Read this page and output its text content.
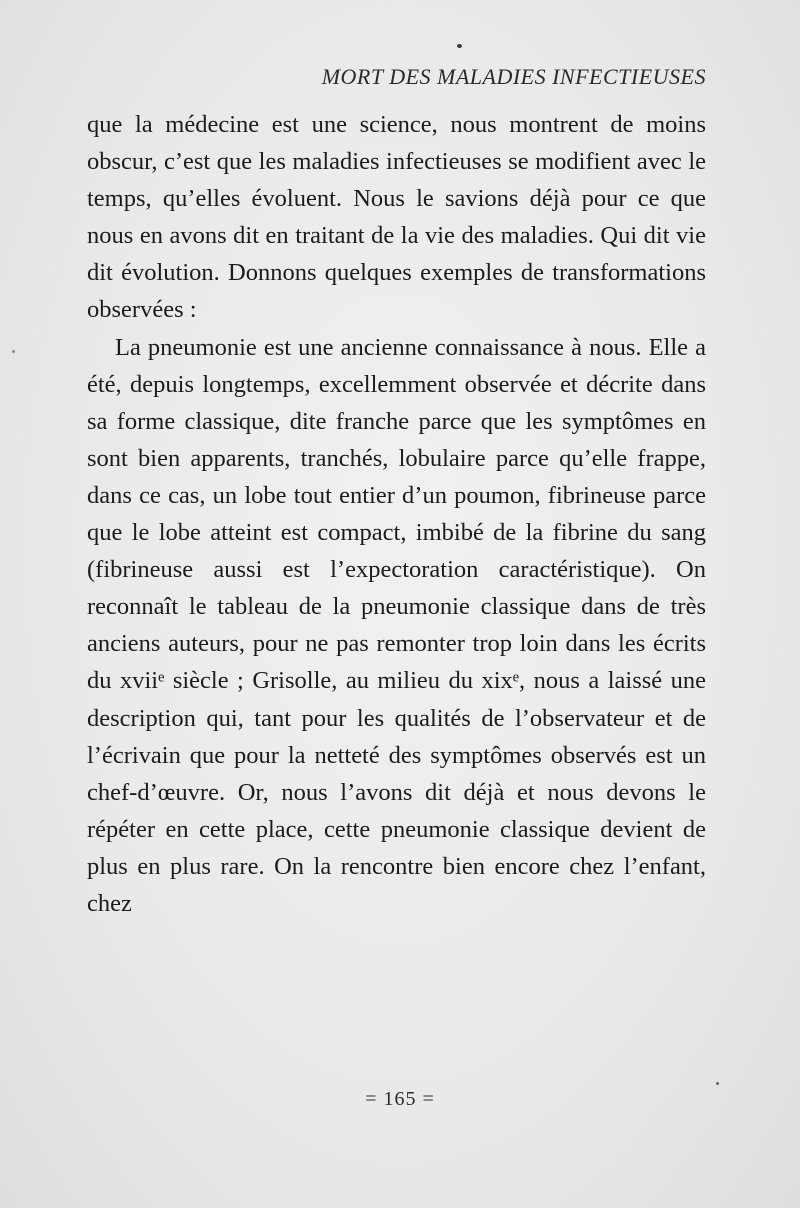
MORT DES MALADIES INFECTIEUSES

que la médecine est une science, nous montrent de moins obscur, c’est que les maladies infectieuses se modifient avec le temps, qu’elles évoluent. Nous le savions déjà pour ce que nous en avons dit en traitant de la vie des maladies. Qui dit vie dit évolution. Donnons quelques exemples de transformations observées :

La pneumonie est une ancienne connaissance à nous. Elle a été, depuis longtemps, excellemment observée et décrite dans sa forme classique, dite franche parce que les symptômes en sont bien apparents, tranchés, lobulaire parce qu’elle frappe, dans ce cas, un lobe tout entier d’un poumon, fibrineuse parce que le lobe atteint est compact, imbibé de la fibrine du sang (fibrineuse aussi est l’expectoration caractéristique). On reconnaît le tableau de la pneumonie classique dans de très anciens auteurs, pour ne pas remonter trop loin dans les écrits du xviiᵉ siècle ; Grisolle, au milieu du xixᵉ, nous a laissé une description qui, tant pour les qualités de l’observateur et de l’écrivain que pour la netteté des symptômes observés est un chef-d’œuvre. Or, nous l’avons dit déjà et nous devons le répéter en cette place, cette pneumonie classique devient de plus en plus rare. On la rencontre bien encore chez l’enfant, chez

= 165 =
